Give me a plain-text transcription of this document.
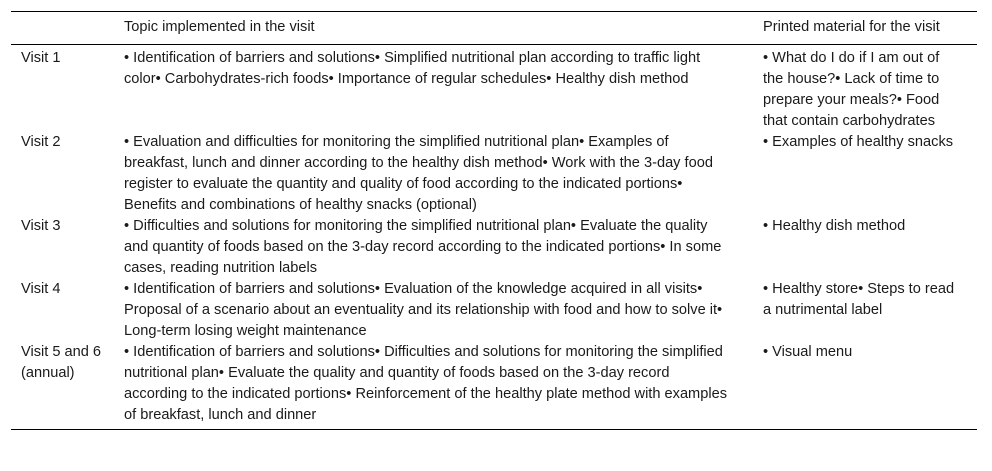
	Topic implemented in the visit	Printed material for the visit
Visit 1	• Identification of barriers and solutions• Simplified nutritional plan according to traffic light color• Carbohydrates-rich foods• Importance of regular schedules• Healthy dish method	• What do I do if I am out of the house?• Lack of time to prepare your meals?• Food that contain carbohydrates
Visit 2	• Evaluation and difficulties for monitoring the simplified nutritional plan• Examples of breakfast, lunch and dinner according to the healthy dish method• Work with the 3-day food register to evaluate the quantity and quality of food according to the indicated portions• Benefits and combinations of healthy snacks (optional)	• Examples of healthy snacks
Visit 3	• Difficulties and solutions for monitoring the simplified nutritional plan• Evaluate the quality and quantity of foods based on the 3-day record according to the indicated portions• In some cases, reading nutrition labels	• Healthy dish method
Visit 4	• Identification of barriers and solutions• Evaluation of the knowledge acquired in all visits• Proposal of a scenario about an eventuality and its relationship with food and how to solve it• Long-term losing weight maintenance	• Healthy store• Steps to read a nutrimental label
Visit 5 and 6 (annual)	• Identification of barriers and solutions• Difficulties and solutions for monitoring the simplified nutritional plan• Evaluate the quality and quantity of foods based on the 3-day record according to the indicated portions• Reinforcement of the healthy plate method with examples of breakfast, lunch and dinner	• Visual menu
